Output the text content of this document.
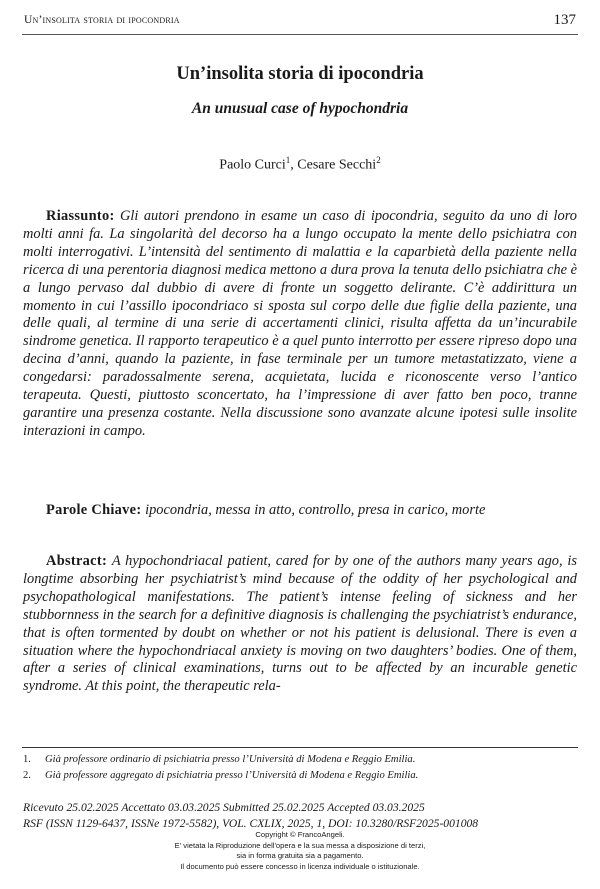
Un’insolita storia di ipocondria	137
Un’insolita storia di ipocondria
An unusual case of hypochondria
Paolo Curci$^1$, Cesare Secchi$^2$
Riassunto: Gli autori prendono in esame un caso di ipocondria, seguito da uno di loro molti anni fa. La singolarità del decorso ha a lungo occupato la mente dello psichiatra con molti interrogativi. L’intensità del sentimento di malattia e la caparbietà della paziente nella ricerca di una perentoria diagnosi medica mettono a dura prova la tenuta dello psichiatra che è a lungo pervaso dal dubbio di avere di fronte un soggetto delirante. C’è addirittura un momento in cui l’assillo ipocondriaco si sposta sul corpo delle due figlie della paziente, una delle quali, al termine di una serie di accertamenti clinici, risulta affetta da un’incurabile sindrome genetica. Il rapporto terapeutico è a quel punto interrotto per essere ripreso dopo una decina d’anni, quando la paziente, in fase terminale per un tumore metastatizzato, viene a congedarsi: paradossalmente serena, acquietata, lucida e riconoscente verso l’antico terapeuta. Questi, piuttosto sconcertato, ha l’impressione di aver fatto ben poco, tranne garantire una presenza costante. Nella discussione sono avanzate alcune ipotesi sulle insolite interazioni in campo.
Parole Chiave: ipocondria, messa in atto, controllo, presa in carico, morte
Abstract: A hypochondriacal patient, cared for by one of the authors many years ago, is longtime absorbing her psychiatrist’s mind because of the oddity of her psychological and psychopathological manifestations. The patient’s intense feeling of sickness and her stubbornness in the search for a definitive diagnosis is challenging the psychiatrist’s endurance, that is often tormented by doubt on whether or not his patient is delusional. There is even a situation where the hypochondriacal anxiety is moving on two daughters’ bodies. One of them, after a series of clinical examinations, turns out to be affected by an incurable genetic syndrome. At this point, the therapeutic rela-
1. Già professore ordinario di psichiatria presso l’Università di Modena e Reggio Emilia.
2. Già professore aggregato di psichiatria presso l’Università di Modena e Reggio Emilia.
Ricevuto 25.02.2025 Accettato 03.03.2025 Submitted 25.02.2025 Accepted 03.03.2025
RSF (ISSN 1129-6437, ISSNe 1972-5582), VOL. CXLIX, 2025, 1, DOI: 10.3280/RSF2025-001008
Copyright © FrancoAngeli.
E' vietata la Riproduzione dell'opera e la sua messa a disposizione di terzi,
sia in forma gratuita sia a pagamento.
Il documento può essere concesso in licenza individuale o istituzionale.
